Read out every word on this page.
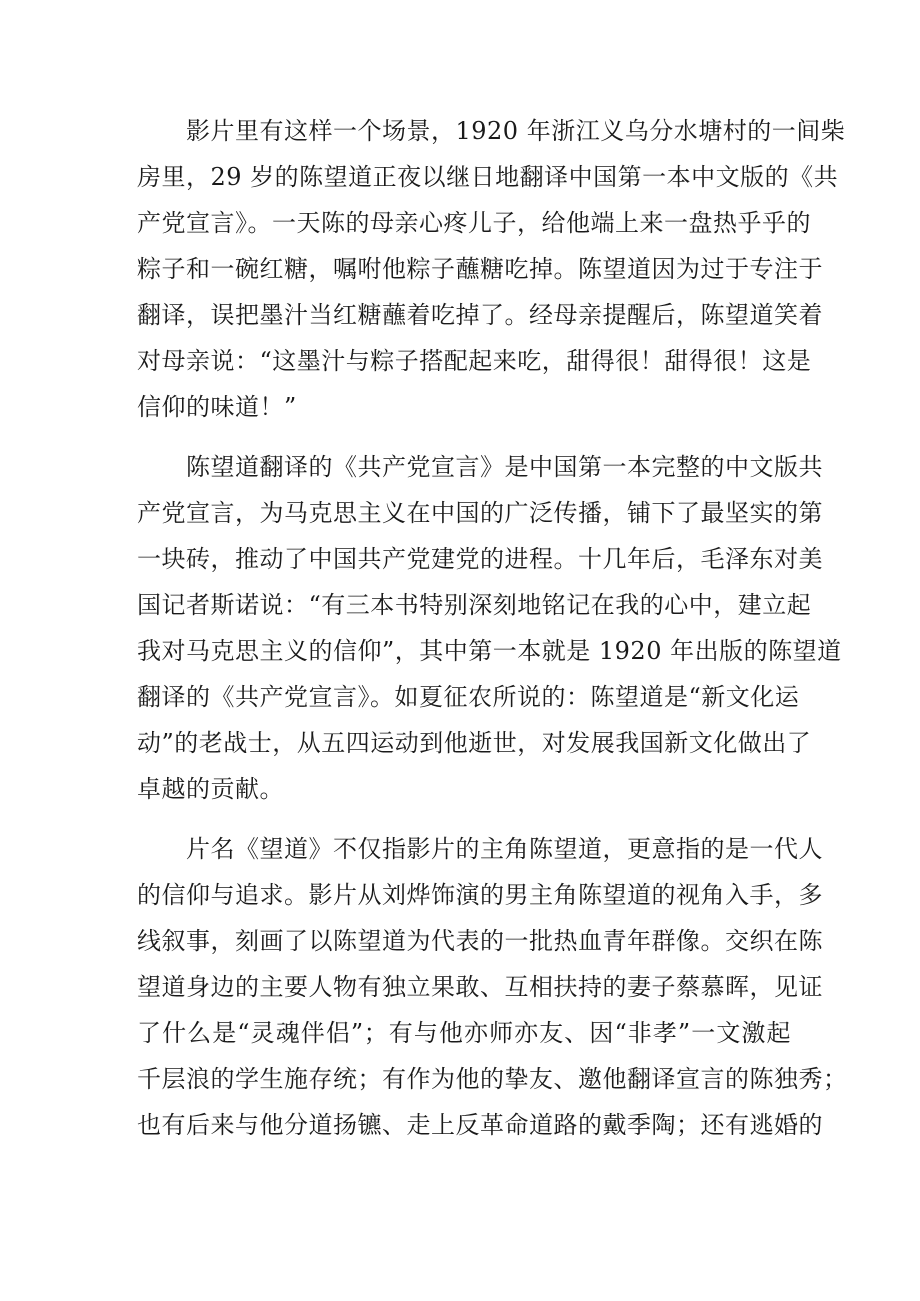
影片里有这样一个场景，1920 年浙江义乌分水塘村的一间柴
房里，29 岁的陈望道正夜以继日地翻译中国第一本中文版的《共
产党宣言》。一天陈的母亲心疼儿子，给他端上来一盘热乎乎的
粽子和一碗红糖，嘱咐他粽子蘸糖吃掉。陈望道因为过于专注于
翻译，误把墨汁当红糖蘸着吃掉了。经母亲提醒后，陈望道笑着
对母亲说：“这墨汁与粽子搭配起来吃，甜得很！甜得很！这是
信仰的味道！”
陈望道翻译的《共产党宣言》是中国第一本完整的中文版共
产党宣言，为马克思主义在中国的广泛传播，铺下了最坚实的第
一块砖，推动了中国共产党建党的进程。十几年后，毛泽东对美
国记者斯诺说：“有三本书特别深刻地铭记在我的心中，建立起
我对马克思主义的信仰”，其中第一本就是 1920 年出版的陈望道
翻译的《共产党宣言》。如夏征农所说的：陈望道是“新文化运
动”的老战士，从五四运动到他逝世，对发展我国新文化做出了
卓越的贡献。
片名《望道》不仅指影片的主角陈望道，更意指的是一代人
的信仰与追求。影片从刘烨饰演的男主角陈望道的视角入手，多
线叙事，刻画了以陈望道为代表的一批热血青年群像。交织在陈
望道身边的主要人物有独立果敢、互相扶持的妻子蔡慕晖，见证
了什么是“灵魂伴侣”；有与他亦师亦友、因“非孝”一文激起
千层浪的学生施存统；有作为他的挚友、邀他翻译宣言的陈独秀；
也有后来与他分道扬镳、走上反革命道路的戴季陶；还有逃婚的
